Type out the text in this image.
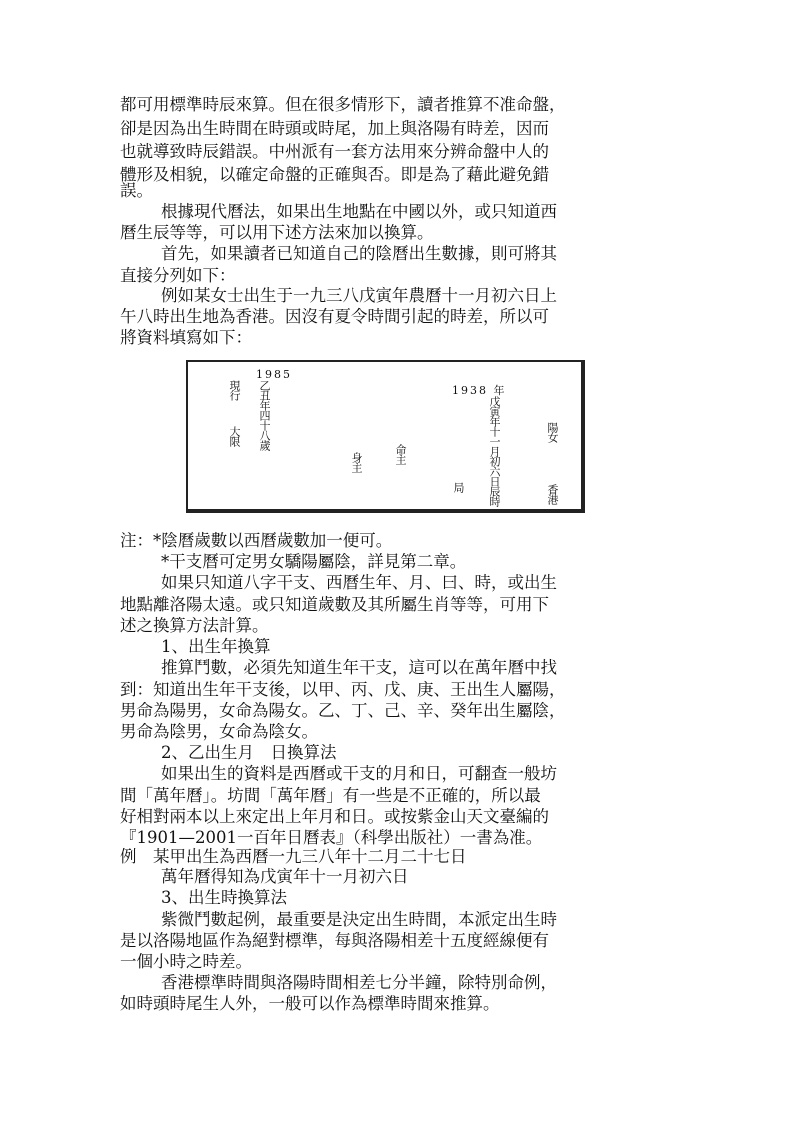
都可用標準時辰來算。但在很多情形下，讀者推算不准命盤，
卻是因為出生時間在時頭或時尾，加上與洛陽有時差，因而
也就導致時辰錯誤。中州派有一套方法用來分辨命盤中人的
體形及相貌，以確定命盤的正確與否。即是為了藉此避免錯
誤。
根據現代曆法，如果出生地點在中國以外，或只知道西
曆生辰等等，可以用下述方法來加以換算。
首先，如果讀者已知道自己的陰曆出生數據，則可將其
直接分列如下：
例如某女士出生于一九三八戊寅年農曆十一月初六日上
午八時出生地為香港。因沒有夏令時間引起的時差，所以可
將資料填寫如下：
1985
現行 乙丑年四十八歲
大限
身主	命主
1938 年
戊寅年十一月初六日辰時
局
陽女
香港
注：*陰曆歲數以西曆歲數加一便可。
*干支曆可定男女驕陽屬陰，詳見第二章。
如果只知道八字干支、西曆生年、月、曰、時，或出生
地點離洛陽太遠。或只知道歲數及其所屬生肖等等，可用下
述之換算方法計算。
1、出生年換算
推算鬥數，必須先知道生年干支，這可以在萬年曆中找
到：知道出生年干支後，以甲、丙、戊、庚、王出生人屬陽，
男命為陽男，女命為陽女。乙、丁、己、辛、癸年出生屬陰，
男命為陰男，女命為陰女。
2、乙出生月　日換算法
如果出生的資料是西曆或干支的月和日，可翻查一般坊
間「萬年曆」。坊間「萬年曆」有一些是不正確的，所以最
好相對兩本以上來定出上年月和日。或按紫金山天文臺編的
『1901—2001一百年日曆表』（科學出版社）一書為准。
例　某甲出生為西曆一九三八年十二月二十七日
萬年曆得知為戊寅年十一月初六日
3、出生時換算法
紫微鬥數起例，最重要是決定出生時間，本派定出生時
是以洛陽地區作為絕對標準，每與洛陽相差十五度經線便有
一個小時之時差。
香港標準時間與洛陽時間相差七分半鐘，除特別命例，
如時頭時尾生人外，一般可以作為標準時間來推算。
